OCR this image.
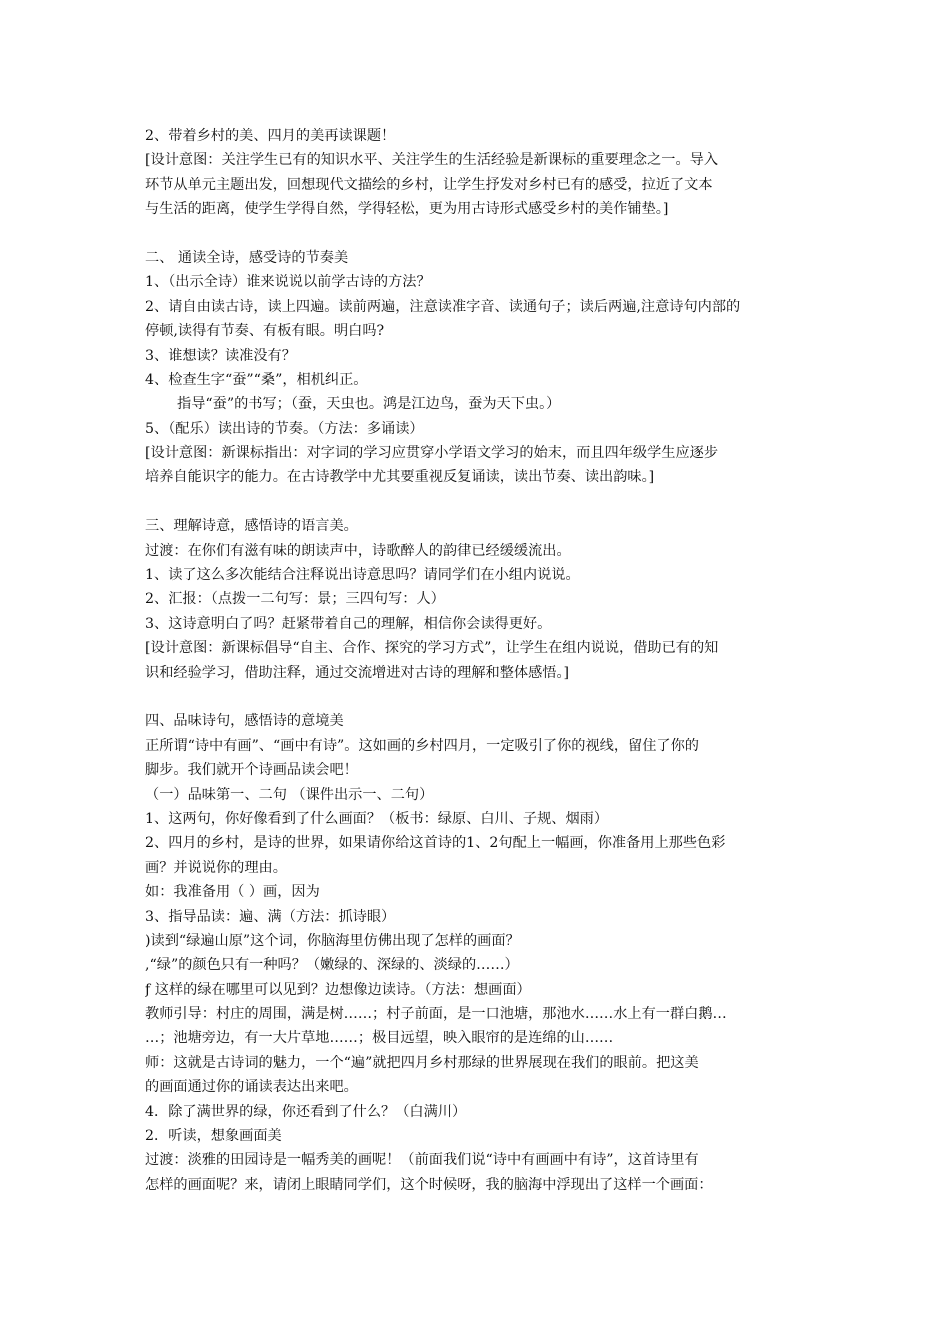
2、带着乡村的美、四月的美再读课题！
[设计意图：关注学生已有的知识水平、关注学生的生活经验是新课标的重要理念之一。导入
环节从单元主题出发，回想现代文描绘的乡村，让学生抒发对乡村已有的感受，拉近了文本
与生活的距离，使学生学得自然，学得轻松，更为用古诗形式感受乡村的美作铺垫。]
二、 通读全诗，感受诗的节奏美
1、（出示全诗）谁来说说以前学古诗的方法？
2、请自由读古诗，读上四遍。读前两遍，注意读准字音、读通句子；读后两遍,注意诗句内部的
停顿,读得有节奏、有板有眼。明白吗?
3、谁想读？读准没有？
4、检查生字“蚕”“桑”，相机纠正。
指导“蚕”的书写；（蚕，天虫也。鸿是江边鸟，蚕为天下虫。）
5、（配乐）读出诗的节奏。（方法：多诵读）
[设计意图：新课标指出：对字词的学习应贯穿小学语文学习的始末，而且四年级学生应逐步
培养自能识字的能力。在古诗教学中尤其要重视反复诵读，读出节奏、读出韵味。]
三、理解诗意，感悟诗的语言美。
过渡：在你们有滋有味的朗读声中，诗歌醉人的韵律已经缓缓流出。
1、读了这么多次能结合注释说出诗意思吗？请同学们在小组内说说。
2、汇报：（点拨一二句写：景；三四句写：人）
3、这诗意明白了吗？赶紧带着自己的理解，相信你会读得更好。
[设计意图：新课标倡导“自主、合作、探究的学习方式”，让学生在组内说说，借助已有的知
识和经验学习，借助注释，通过交流增进对古诗的理解和整体感悟。]
四、品味诗句，感悟诗的意境美
正所谓“诗中有画”、“画中有诗”。这如画的乡村四月，一定吸引了你的视线，留住了你的
脚步。我们就开个诗画品读会吧！
（一）品味第一、二句 （课件出示一、二句）
1、这两句，你好像看到了什么画面？（板书：绿原、白川、子规、烟雨）
2、四月的乡村，是诗的世界，如果请你给这首诗的1、2句配上一幅画，你准备用上那些色彩
画？并说说你的理由。
如：我准备用（ ）画，因为
3、指导品读：遍、满（方法：抓诗眼）
)读到“绿遍山原”这个词，你脑海里仿佛出现了怎样的画面？
,“绿”的颜色只有一种吗？（嫩绿的、深绿的、淡绿的……）
ƒ 这样的绿在哪里可以见到？边想像边读诗。（方法：想画面）
教师引导：村庄的周围，满是树……；村子前面，是一口池塘，那池水……水上有一群白鹅…
…；池塘旁边，有一大片草地……；极目远望，映入眼帘的是连绵的山……
师：这就是古诗词的魅力，一个“遍”就把四月乡村那绿的世界展现在我们的眼前。把这美
的画面通过你的诵读表达出来吧。
4．除了满世界的绿，你还看到了什么？（白满川）
2．听读，想象画面美
过渡：淡雅的田园诗是一幅秀美的画呢！（前面我们说“诗中有画画中有诗”，这首诗里有
怎样的画面呢？来，请闭上眼睛同学们，这个时候呀，我的脑海中浮现出了这样一个画面：
